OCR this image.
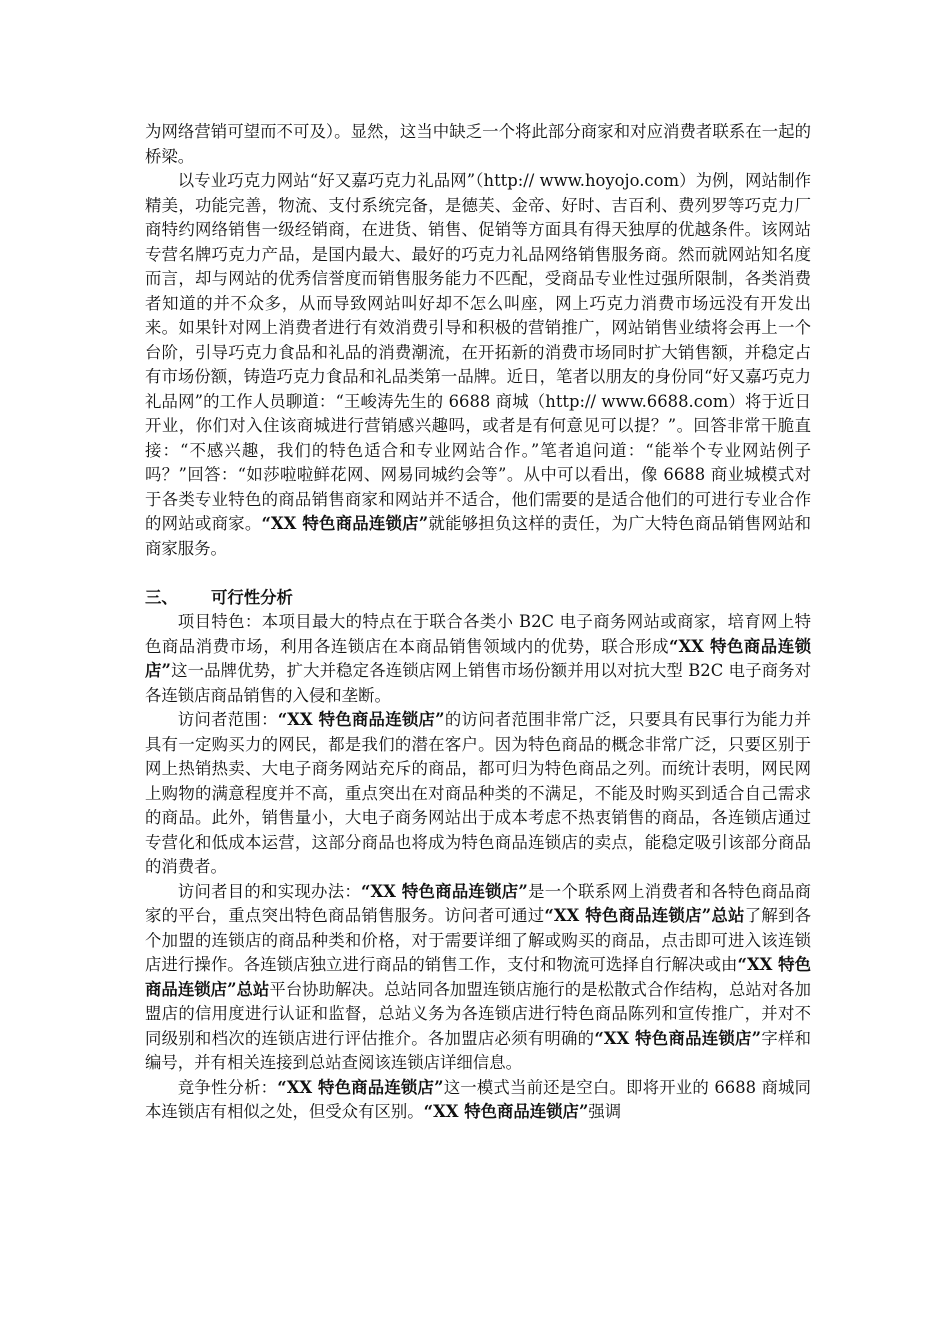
为网络营销可望而不可及）。显然，这当中缺乏一个将此部分商家和对应消费者联系在一起的桥梁。

以专业巧克力网站“好又嘉巧克力礼品网”（http:// www.hoyojo.com）为例，网站制作精美，功能完善，物流、支付系统完备，是德芙、金帝、好时、吉百利、费列罗等巧克力厂商特约网络销售一级经销商，在进货、销售、促销等方面具有得天独厚的优越条件。该网站专营名牌巧克力产品，是国内最大、最好的巧克力礼品网络销售服务商。然而就网站知名度而言，却与网站的优秀信誉度而销售服务能力不匹配，受商品专业性过强所限制，各类消费者知道的并不众多，从而导致网站叫好却不怎么叫座，网上巧克力消费市场远没有开发出来。如果针对网上消费者进行有效消费引导和积极的营销推广，网站销售业绩将会再上一个台阶，引导巧克力食品和礼品的消费潮流，在开拓新的消费市场同时扩大销售额，并稳定占有市场份额，铸造巧克力食品和礼品类第一品牌。近日，笔者以朋友的身份同“好又嘉巧克力礼品网”的工作人员聊道：“王峻涛先生的 6688 商城（http:// www.6688.com）将于近日开业，你们对入住该商城进行营销感兴趣吗，或者是有何意见可以提？”。回答非常干脆直接：“不感兴趣，我们的特色适合和专业网站合作。”笔者追问道：“能举个专业网站例子吗？”回答：“如莎啦啦鲜花网、网易同城约会等”。从中可以看出，像 6688 商业城模式对于各类专业特色的商品销售商家和网站并不适合，他们需要的是适合他们的可进行专业合作的网站或商家。“XX 特色商品连锁店”就能够担负这样的责任，为广大特色商品销售网站和商家服务。

三、 可行性分析

项目特色：本项目最大的特点在于联合各类小 B2C 电子商务网站或商家，培育网上特色商品消费市场，利用各连锁店在本商品销售领域内的优势，联合形成“XX 特色商品连锁店”这一品牌优势，扩大并稳定各连锁店网上销售市场份额并用以对抗大型 B2C 电子商务对各连锁店商品销售的入侵和垄断。

访问者范围：“XX 特色商品连锁店”的访问者范围非常广泛，只要具有民事行为能力并具有一定购买力的网民，都是我们的潜在客户。因为特色商品的概念非常广泛，只要区别于网上热销热卖、大电子商务网站充斥的商品，都可归为特色商品之列。而统计表明，网民网上购物的满意程度并不高，重点突出在对商品种类的不满足，不能及时购买到适合自己需求的商品。此外，销售量小，大电子商务网站出于成本考虑不热衷销售的商品，各连锁店通过专营化和低成本运营，这部分商品也将成为特色商品连锁店的卖点，能稳定吸引该部分商品的消费者。

访问者目的和实现办法：“XX 特色商品连锁店”是一个联系网上消费者和各特色商品商家的平台，重点突出特色商品销售服务。访问者可通过“XX 特色商品连锁店”总站了解到各个加盟的连锁店的商品种类和价格，对于需要详细了解或购买的商品，点击即可进入该连锁店进行操作。各连锁店独立进行商品的销售工作，支付和物流可选择自行解决或由“XX 特色商品连锁店”总站平台协助解决。总站同各加盟连锁店施行的是松散式合作结构，总站对各加盟店的信用度进行认证和监督，总站义务为各连锁店进行特色商品陈列和宣传推广，并对不同级别和档次的连锁店进行评估推介。各加盟店必须有明确的“XX 特色商品连锁店”字样和编号，并有相关连接到总站查阅该连锁店详细信息。

竞争性分析：“XX 特色商品连锁店”这一模式当前还是空白。即将开业的 6688 商城同本连锁店有相似之处，但受众有区别。“XX 特色商品连锁店”强调
